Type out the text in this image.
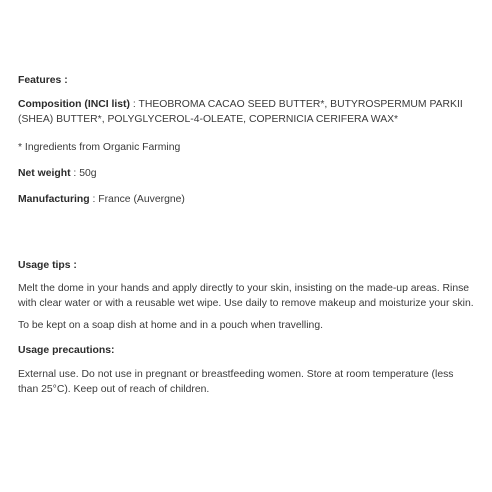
Features :

Composition (INCI list) : THEOBROMA CACAO SEED BUTTER*, BUTYROSPERMUM PARKII (SHEA) BUTTER*, POLYGLYCEROL-4-OLEATE, COPERNICIA CERIFERA WAX*

* Ingredients from Organic Farming
Net weight : 50g
Manufacturing : France (Auvergne)
Usage tips :
Melt the dome in your hands and apply directly to your skin, insisting on the made-up areas. Rinse with clear water or with a reusable wet wipe. Use daily to remove makeup and moisturize your skin.
To be kept on a soap dish at home and in a pouch when travelling.
Usage precautions:
External use. Do not use in pregnant or breastfeeding women. Store at room temperature (less than 25°C). Keep out of reach of children.
